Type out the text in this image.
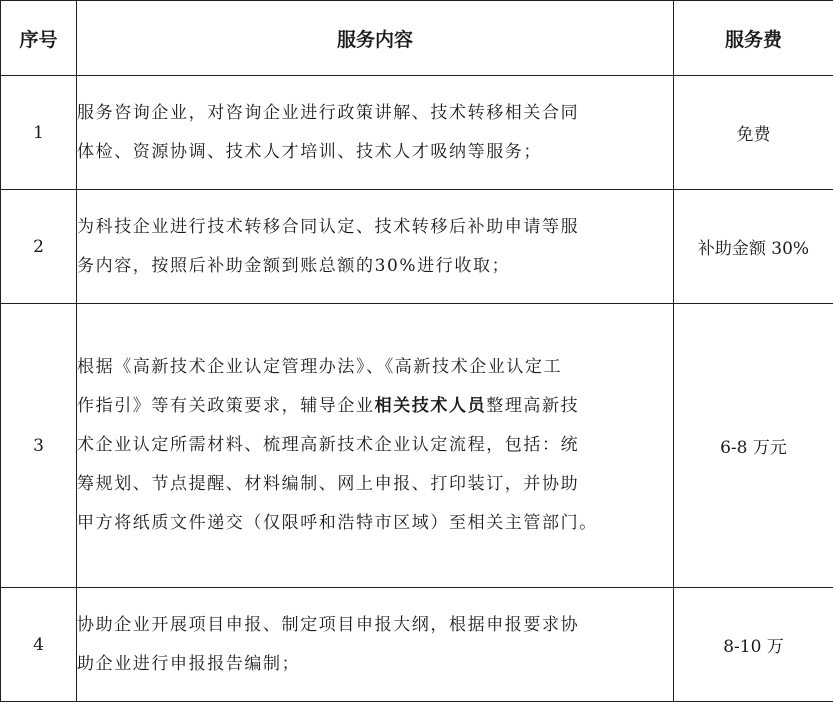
序号	服务内容	服务费
1	服务咨询企业，对咨询企业进行政策讲解、技术转移相关合同
体检、资源协调、技术人才培训、技术人才吸纳等服务；	免费
2	为科技企业进行技术转移合同认定、技术转移后补助申请等服
务内容，按照后补助金额到账总额的30%进行收取；	补助金额 30%
3	根据《高新技术企业认定管理办法》、《高新技术企业认定工
作指引》等有关政策要求，辅导企业相关技术人员整理高新技
术企业认定所需材料、梳理高新技术企业认定流程，包括：统
筹规划、节点提醒、材料编制、网上申报、打印装订，并协助
甲方将纸质文件递交（仅限呼和浩特市区域）至相关主管部门。	6-8 万元
4	协助企业开展项目申报、制定项目申报大纲，根据申报要求协
助企业进行申报报告编制；	8-10 万
